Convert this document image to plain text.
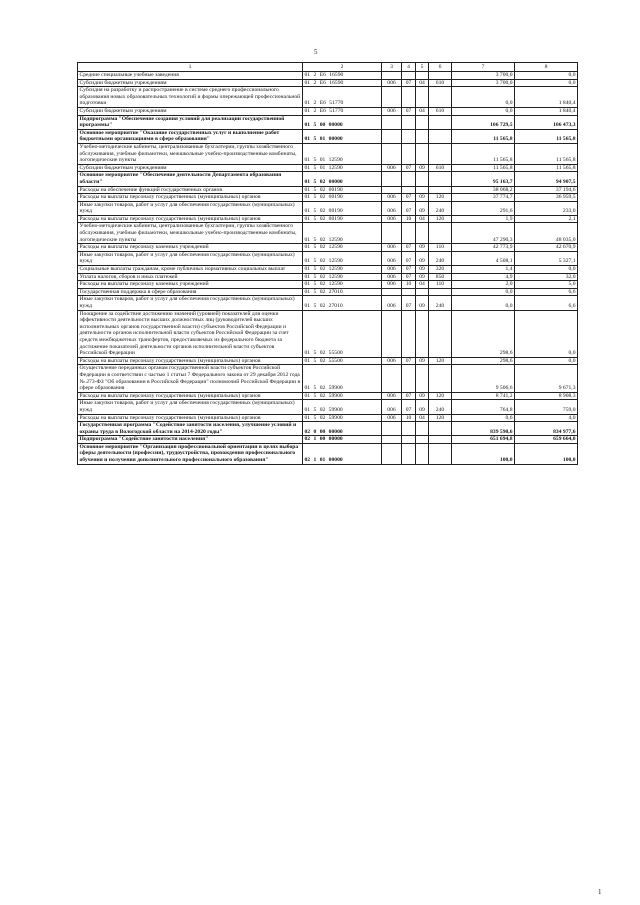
5
1	2	3	4	5	6	7	8
Средние специальные учебные заведения	01 2 Е6 16590					3 700,0	0,0
Субсидии бюджетным учреждениям	01 2 Е6 16590	006	07	04	610	3 700,0	0,0
Субсидия на разработку и распространение в системе среднего профессионального образования новых образовательных технологий и формы опережающей профессиональной подготовки	01 2 Е6 51770					0,0	1 840,4
Субсидии бюджетным учреждениям	01 2 Е6 51770	006	07	04	610	0,0	1 840,4
Подпрограмма "Обеспечение создания условий для реализации государственной программы"	01 5 00 00000					106 729,5	106 473,3
Основное мероприятие "Оказание государственных услуг и выполнение работ бюджетными организациями в сфере образования"	01 5 01 00000					11 565,8	11 565,8
Учебно-методические кабинеты, централизованные бухгалтерии, группы хозяйственного обслуживания, учебные фильмотеки, межшкольные учебно-производственные комбинаты, логопедические пункты	01 5 01 12590					11 565,8	11 565,8
Субсидии бюджетным учреждениям	01 5 01 12590	006	07	09	610	11 565,8	11 565,8
Основное мероприятие "Обеспечение деятельности Департамента образования области"	01 5 02 00000					95 163,7	94 907,5
Расходы на обеспечение функций государственных органов	01 5 02 00190					38 068,2	37 194,6
Расходы на выплаты персоналу государственных (муниципальных) органов	01 5 02 00190	006	07	09	120	37 774,7	36 959,5
Иные закупки товаров, работ и услуг для обеспечения государственных (муниципальных) нужд	01 5 02 00190	006	07	09	240	291,6	233,0
Расходы на выплаты персоналу государственных (муниципальных) органов	01 5 02 00190	006	10	04	120	1,9	2,1
Учебно-методические кабинеты, централизованные бухгалтерии, группы хозяйственного обслуживания, учебные фильмотеки, межшкольные учебно-производственные комбинаты, логопедические пункты	01 5 02 12590					47 290,3	48 035,0
Расходы на выплаты персоналу казенных учреждений	01 5 02 12590	006	07	09	110	42 773,9	42 670,9
Иные закупки товаров, работ и услуг для обеспечения государственных (муниципальных) нужд	01 5 02 12590	006	07	09	240	4 508,1	5 327,1
Социальные выплаты гражданам, кроме публичных нормативных социальных выплат	01 5 02 12590	006	07	09	320	1,4	0,0
Уплата налогов, сборов и иных платежей	01 5 02 12590	006	07	09	850	4,9	32,0
Расходы на выплаты персоналу казенных учреждений	01 5 02 12590	006	10	04	110	2,0	5,0
Государственная поддержка в сфере образования	01 5 02 27010					0,0	6,6
Иные закупки товаров, работ и услуг для обеспечения государственных (муниципальных) нужд	01 5 02 27010	006	07	09	240	0,0	6,6
Поощрение за содействие достижению значений (уровней) показателей для оценки эффективности деятельности высших должностных лиц (руководителей высших исполнительных органов государственной власти) субъектов Российской Федерации и деятельности органов исполнительной власти субъектов Российской Федерации за счет средств межбюджетных трансфертов, предоставляемых из федерального бюджета за достижение показателей деятельности органов исполнительной власти субъектов Российской Федерации	01 5 02 55500					298,6	0,0
Расходы на выплаты персоналу государственных (муниципальных) органов	01 5 02 55500	006	07	09	120	298,6	0,0
Осуществление переданных органам государственной власти субъектов Российской Федерации в соответствии с частью 1 статьи 7 Федерального закона от 29 декабря 2012 года № 273-ФЗ "Об образовании в Российской Федерации" полномочий Российской Федерации в сфере образования	01 5 02 59900					9 506,6	9 671,3
Расходы на выплаты персоналу государственных (муниципальных) органов	01 5 02 59900	006	07	09	120	8 741,2	8 908,3
Иные закупки товаров, работ и услуг для обеспечения государственных (муниципальных) нужд	01 5 02 59900	006	07	09	240	764,8	759,0
Расходы на выплаты персоналу государственных (муниципальных) органов	01 5 02 59900	006	10	04	120	0,6	4,0
Государственная программа "Содействие занятости населения, улучшение условий и охраны труда в Вологодской области на 2014-2020 годы"	02 0 00 00000					839 590,6	834 977,6
Подпрограмма "Содействие занятости населения"	02 1 00 00000					651 694,8	659 664,0
Основное мероприятие "Организация профессиональной ориентации в целях выбора сферы деятельности (профессии), трудоустройства, прохождения профессионального обучения и получения дополнительного профессионального образования"	02 1 01 00000					100,0	100,0
1
